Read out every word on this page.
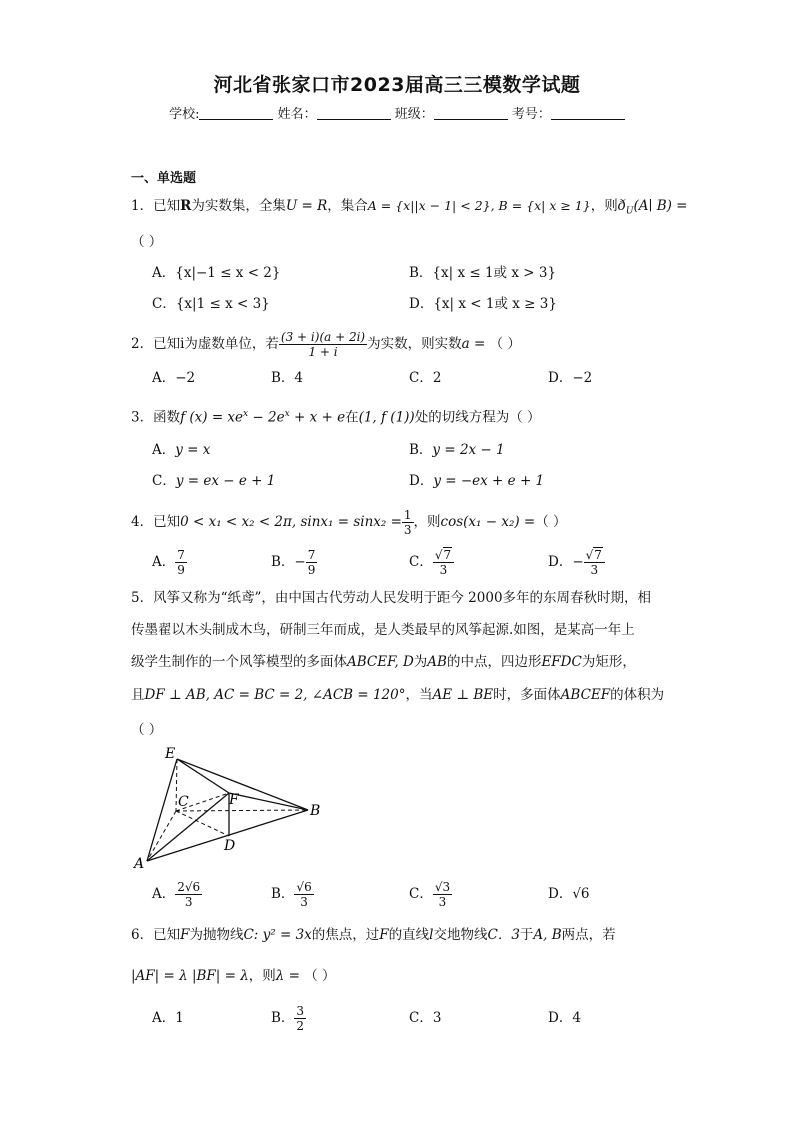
河北省张家口市2023届高三三模数学试题
学校:	姓名：	班级：	考号：
一、单选题
1．已知R为实数集，全集U = R，集合A = {x||x − 1| < 2}, B = {x| x ≥ 1}，则$ð_U(A∣$ B) =
（ ）
A．{x|−1 ≤ x < 2}	B．{x| x ≤ 1或 x > 3}
C．{x|1 ≤ x < 3}	D．{x| x < 1或 x ≥ 3}
2．已知i为虚数单位，若 $\frac{(3 + i)(a + 2i)}{1 + i}$ 为实数，则实数a = （ ）
A．−2	B．4	C．2	D．−2
3．函数f $(x) = xe^x - 2e^x + x + e$在(1, f (1))处的切线方程为（ ）
A．y = x	B．y = 2x − 1
C．y = ex − e + 1	D．y = −ex + e + 1
4．已知0 < x₁ < x₂ < 2π, $\sin x_1 = \sin x_2 = \frac{1}{3}$ ，则cos(x₁ − x₂) =（ ）
A． $\frac{7}{9}$	B．− $\frac{7}{9}$	C． $\frac{√7}{3}$	D．− $\frac{√7}{3}$
5．风筝又称为“纸鸢”，由中国古代劳动人民发明于距今 2000多年的东周春秋时期，相
传墨翟以木头制成木鸟，研制三年而成，是人类最早的风筝起源.如图，是某高一年上
级学生制作的一个风筝模型的多面体ABCEF, D为AB的中点，四边形EFDC为矩形，
且DF ⊥ AB, AC = BC = 2, ∠ACB = 120°，当AE ⊥ BE时，多面体ABCEF的体积为
（ ）
E
C	F
B
A
D
A． $\frac{2√6}{3}$	B． $\frac{√6}{3}$	C． $\frac{√3}{3}$	D．√6
6．已知F为抛物线C: y² = 3x的焦点，过F的直线l交地物线C．3于A, B两点，若
|AF| = λ |BF| = λ，则λ = （ ）
A．1	B． $\frac{3}{2}$	C．3	D．4
